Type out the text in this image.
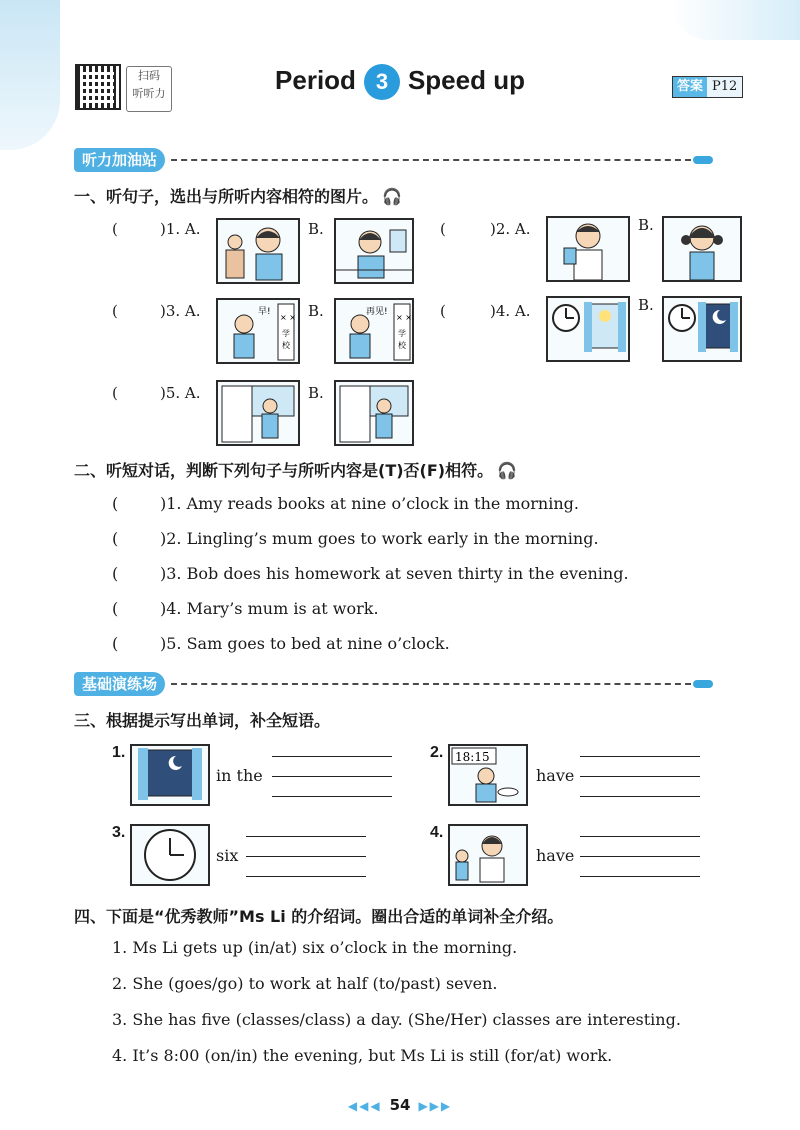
扫码
听听力	Period 3 Speed up	答案 P12
听力加油站
一、听句子，选出与所听内容相符的图片。 🎧
(	)1. A.	B.	(	)2. A.	B.
(	)3. A.	× ×
学
校
早! B.	× ×
学
校
再见!	(	)4. A.	B.
(	)5. A.	B.
二、听短对话，判断下列句子与所听内容是(T)否(F)相符。 🎧
(	)1. Amy reads books at nine o’clock in the morning.
(	)2. Lingling’s mum goes to work early in the morning.
(	)3. Bob does his homework at seven thirty in the evening.
(	)4. Mary’s mum is at work.
(	)5. Sam goes to bed at nine o’clock.
基础演练场
三、根据提示写出单词，补全短语。
1.
in the
2. 18:15
have
3.
six
4.
have
四、下面是“优秀教师”Ms Li 的介绍词。圈出合适的单词补全介绍。
1. Ms Li gets up (in/at) six o’clock in the morning.
2. She (goes/go) to work at half (to/past) seven.
3. She has five (classes/class) a day. (She/Her) classes are interesting.
4. It’s 8:00 (on/in) the evening, but Ms Li is still (for/at) work.
◀◀◀ 54 ▶▶▶
